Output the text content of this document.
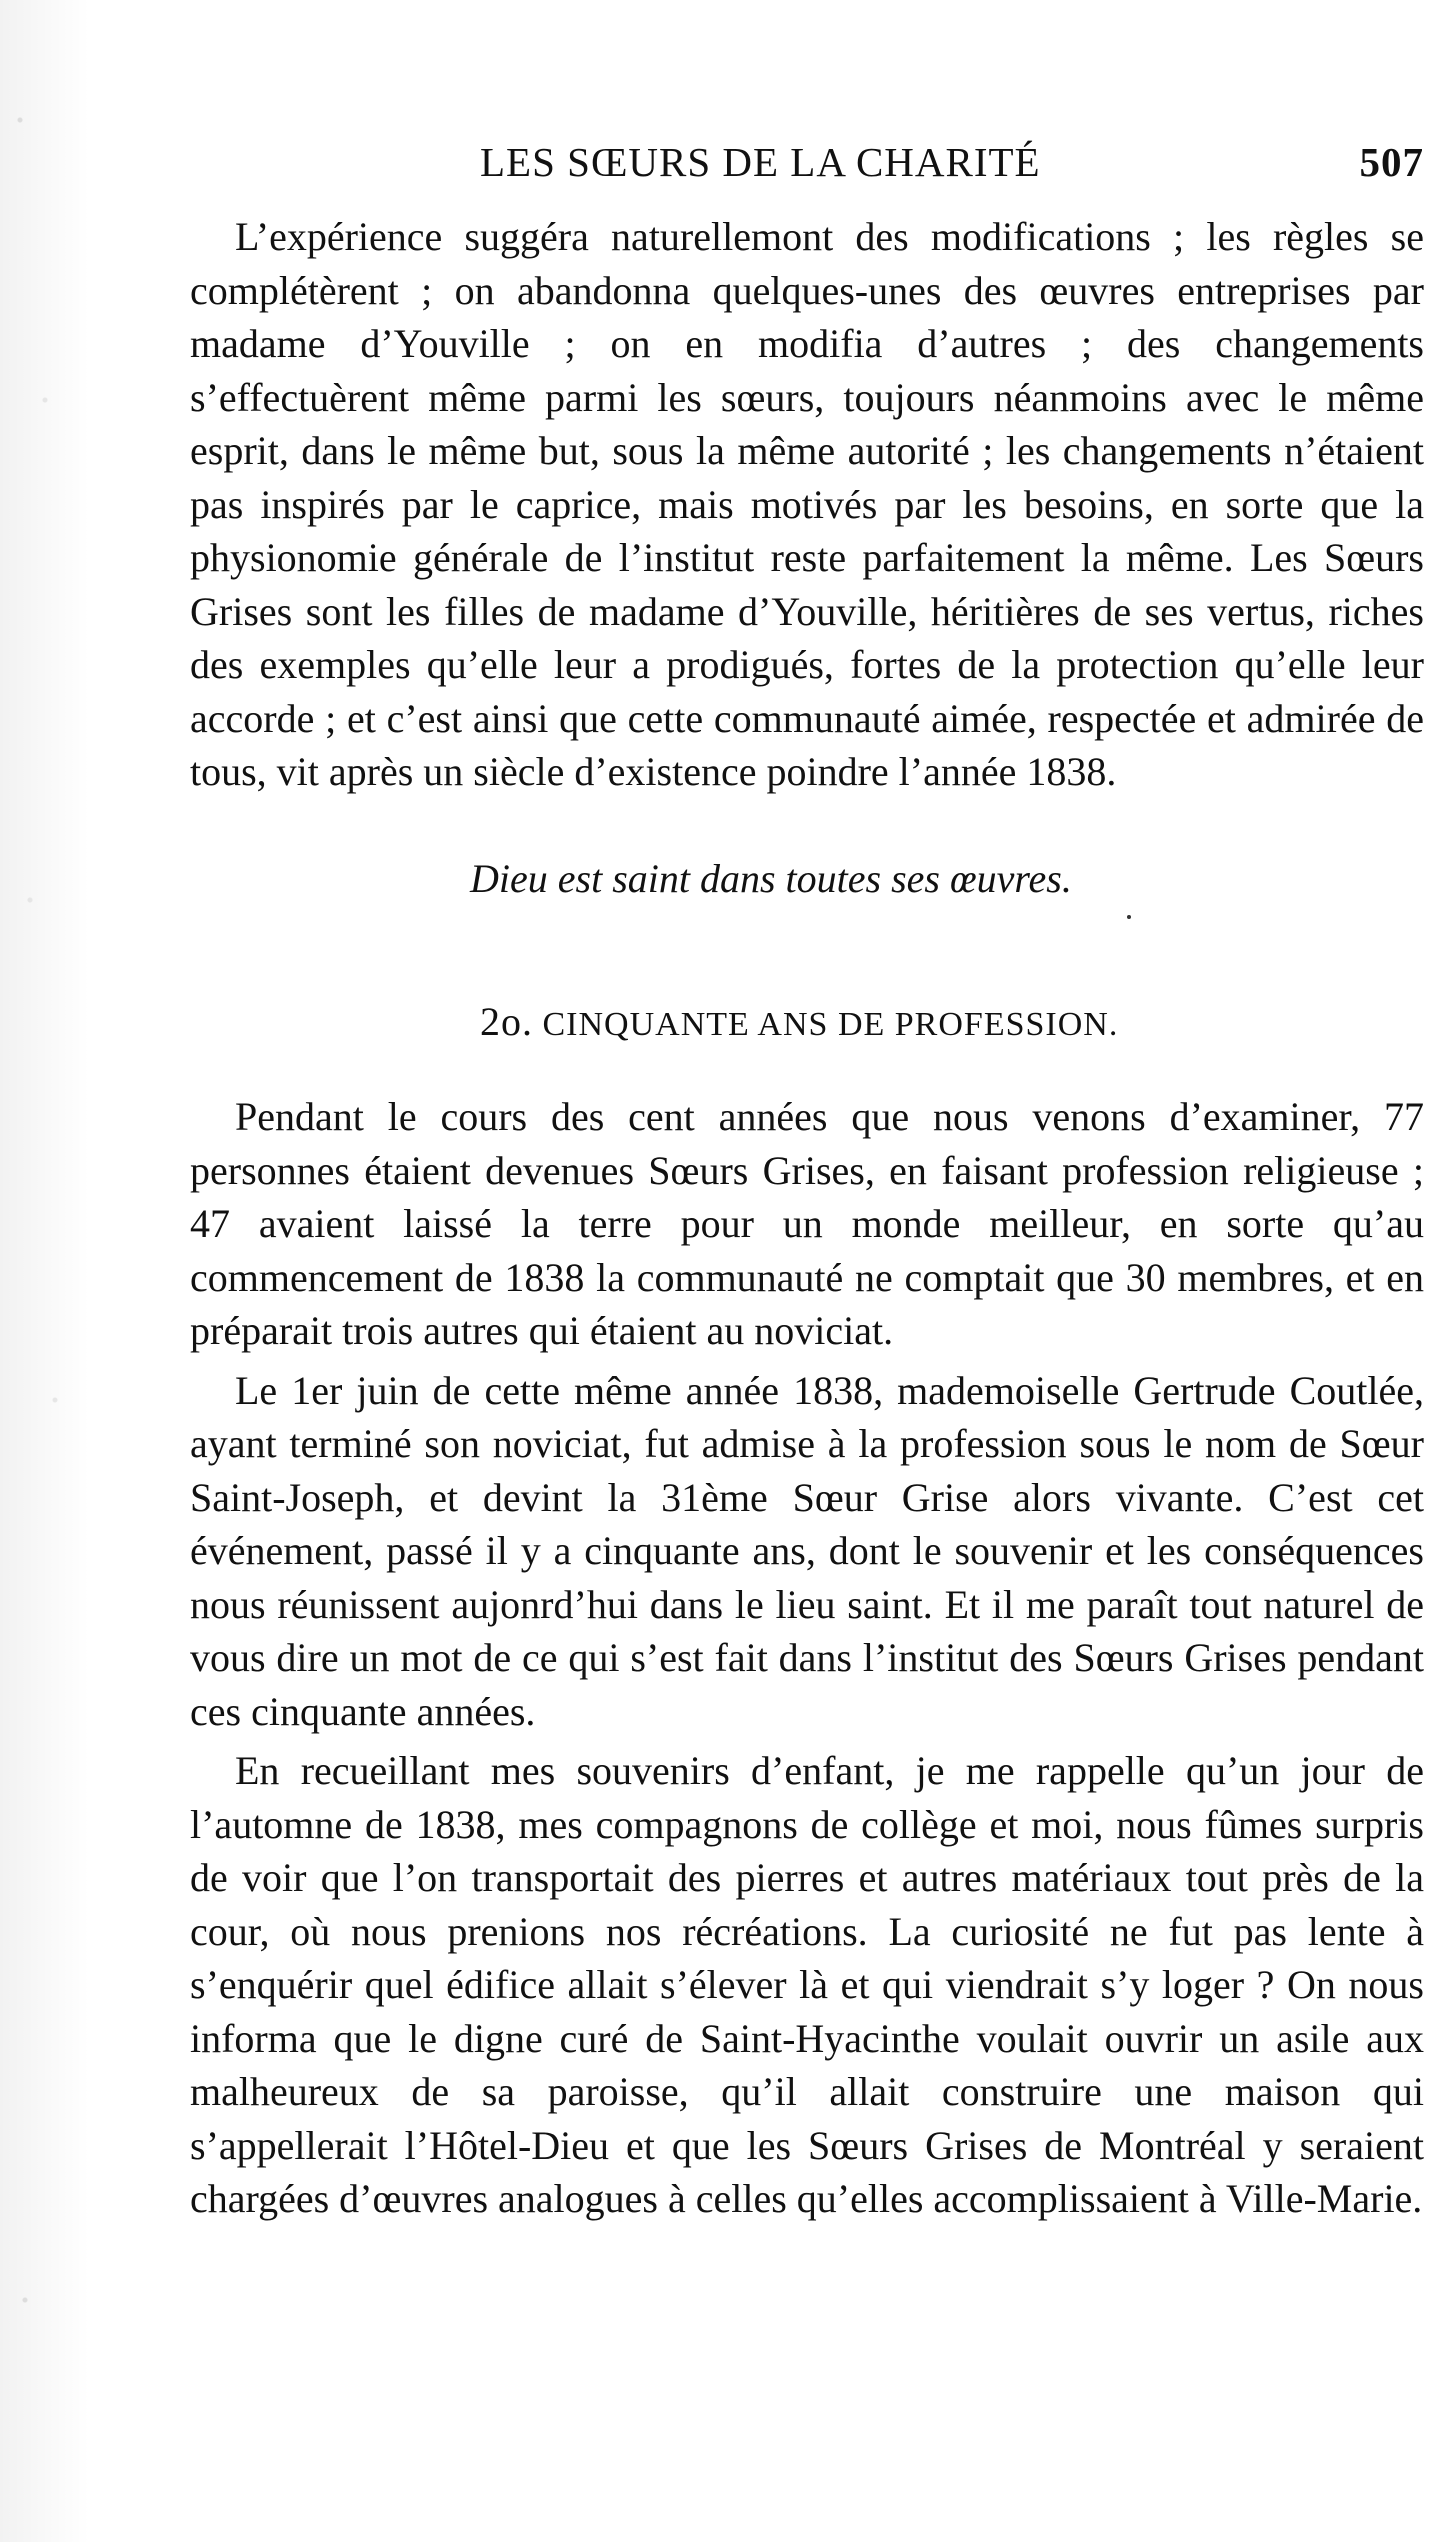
LES SŒURS DE LA CHARITÉ	507

L’expérience suggéra naturellemont des modifications ; les règles se complétèrent ; on abandonna quelques-unes des œuvres entreprises par madame d’Youville ; on en modifia d’autres ; des changements s’effectuèrent même parmi les sœurs, toujours néanmoins avec le même esprit, dans le même but, sous la même autorité ; les changements n’étaient pas inspirés par le caprice, mais motivés par les besoins, en sorte que la physionomie générale de l’institut reste parfaitement la même. Les Sœurs Grises sont les filles de madame d’Youville, héritières de ses vertus, riches des exemples qu’elle leur a prodigués, fortes de la protection qu’elle leur accorde ; et c’est ainsi que cette communauté aimée, respectée et admirée de tous, vit après un siècle d’existence poindre l’année 1838.

Dieu est saint dans toutes ses œuvres.
2o. CINQUANTE ANS DE PROFESSION.

Pendant le cours des cent années que nous venons d’examiner, 77 personnes étaient devenues Sœurs Grises, en faisant profession religieuse ; 47 avaient laissé la terre pour un monde meilleur, en sorte qu’au commencement de 1838 la communauté ne comptait que 30 membres, et en préparait trois autres qui étaient au noviciat.

Le 1er juin de cette même année 1838, mademoiselle Gertrude Coutlée, ayant terminé son noviciat, fut admise à la profession sous le nom de Sœur Saint-Joseph, et devint la 31ème Sœur Grise alors vivante. C’est cet événement, passé il y a cinquante ans, dont le souvenir et les conséquences nous réunissent aujonrd’hui dans le lieu saint. Et il me paraît tout naturel de vous dire un mot de ce qui s’est fait dans l’institut des Sœurs Grises pendant ces cinquante années.

En recueillant mes souvenirs d’enfant, je me rappelle qu’un jour de l’automne de 1838, mes compagnons de collège et moi, nous fûmes surpris de voir que l’on transportait des pierres et autres matériaux tout près de la cour, où nous prenions nos récréations. La curiosité ne fut pas lente à s’enquérir quel édifice allait s’élever là et qui viendrait s’y loger ? On nous informa que le digne curé de Saint-Hyacinthe voulait ouvrir un asile aux malheureux de sa paroisse, qu’il allait construire une maison qui s’appellerait l’Hôtel-Dieu et que les Sœurs Grises de Montréal y seraient chargées d’œuvres analogues à celles qu’elles accomplissaient à Ville-Marie.
